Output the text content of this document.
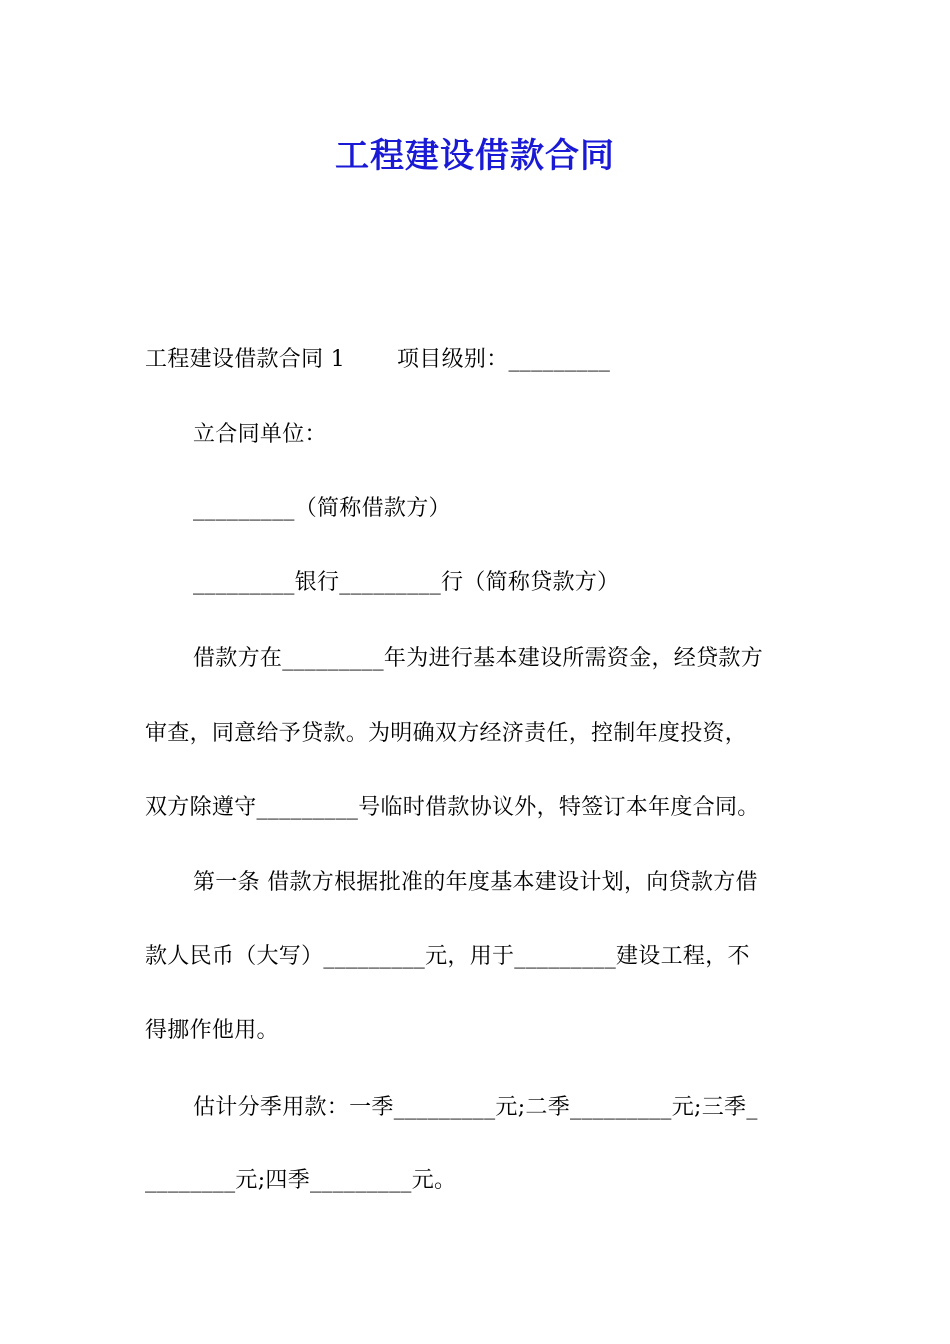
工程建设借款合同
工程建设借款合同 1 项目级别：_________
立合同单位：
_________（简称借款方）
_________银行_________行（简称贷款方）
借款方在_________年为进行基本建设所需资金，经贷款方
审查，同意给予贷款。为明确双方经济责任，控制年度投资，
双方除遵守_________号临时借款协议外，特签订本年度合同。
第一条 借款方根据批准的年度基本建设计划，向贷款方借
款人民币（大写）_________元，用于_________建设工程，不
得挪作他用。
估计分季用款：一季_________元;二季_________元;三季_
________元;四季_________元。
